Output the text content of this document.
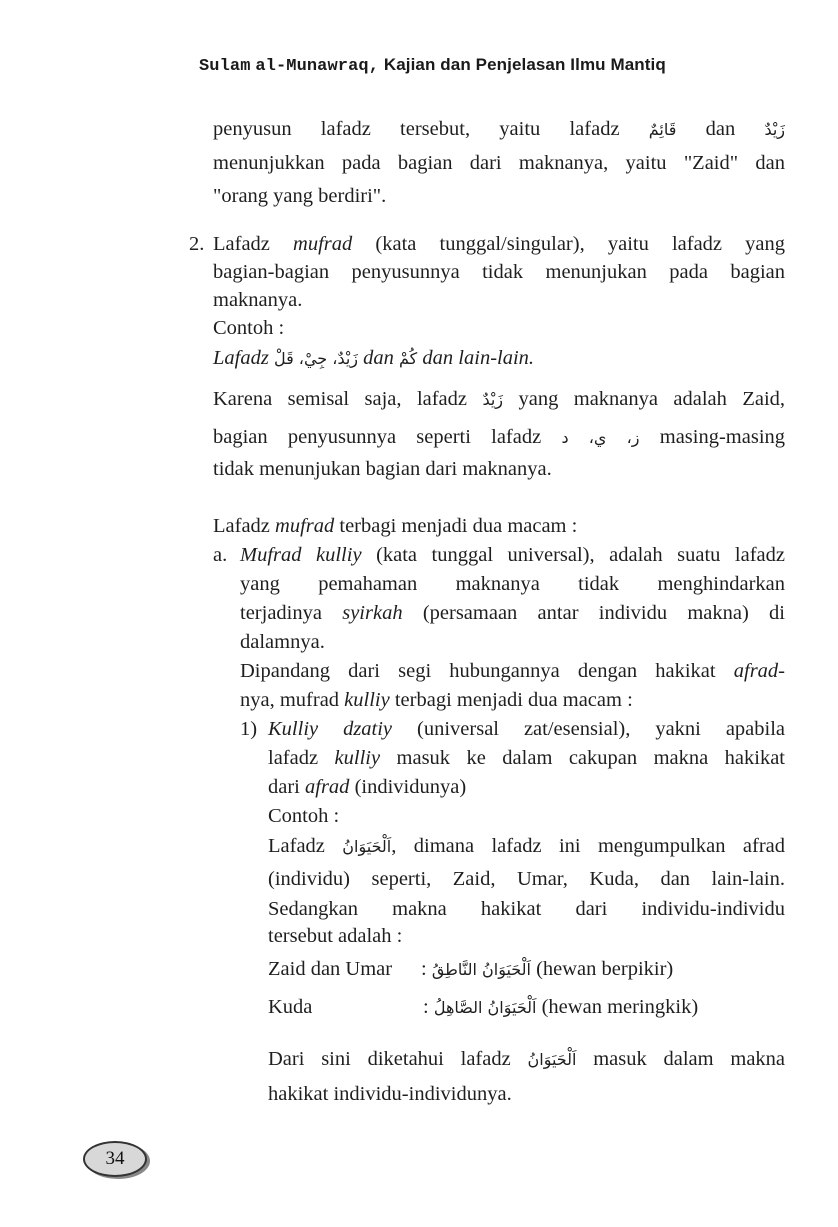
Sulam al-Munawraq, Kajian dan Penjelasan Ilmu Mantiq
penyusun lafadz tersebut, yaitu lafadz قَائِمٌ dan زَيْدٌ
menunjukkan pada bagian dari maknanya, yaitu "Zaid" dan
"orang yang berdiri".
2. Lafadz mufrad (kata tunggal/singular), yaitu lafadz yang
bagian-bagian penyusunnya tidak menunjukan pada bagian
maknanya.
Contoh :
Lafadz زَيْدٌ، جِيْ، قَلْ dan كُمْ dan lain-lain.
Karena semisal saja, lafadz زَيْدٌ yang maknanya adalah Zaid,
bagian penyusunnya seperti lafadz ز، ي، د masing-masing
tidak menunjukan bagian dari maknanya.
Lafadz mufrad terbagi menjadi dua macam :
a. Mufrad kulliy (kata tunggal universal), adalah suatu lafadz
yang pemahaman maknanya tidak menghindarkan
terjadinya syirkah (persamaan antar individu makna) di
dalamnya.
Dipandang dari segi hubungannya dengan hakikat afrad-
nya, mufrad kulliy terbagi menjadi dua macam :
1) Kulliy dzatiy (universal zat/esensial), yakni apabila
lafadz kulliy masuk ke dalam cakupan makna hakikat
dari afrad (individunya)
Contoh :
Lafadz اَلْحَيَوَانُ, dimana lafadz ini mengumpulkan afrad
(individu) seperti, Zaid, Umar, Kuda, dan lain-lain.
Sedangkan makna hakikat dari individu-individu
tersebut adalah :
Zaid dan Umar : اَلْحَيَوَانُ النَّاطِقُ (hewan berpikir)
Kuda	: اَلْحَيَوَانُ الصَّاهِلُ (hewan meringkik)
Dari sini diketahui lafadz اَلْحَيَوَانُ masuk dalam makna
hakikat individu-individunya.
34
